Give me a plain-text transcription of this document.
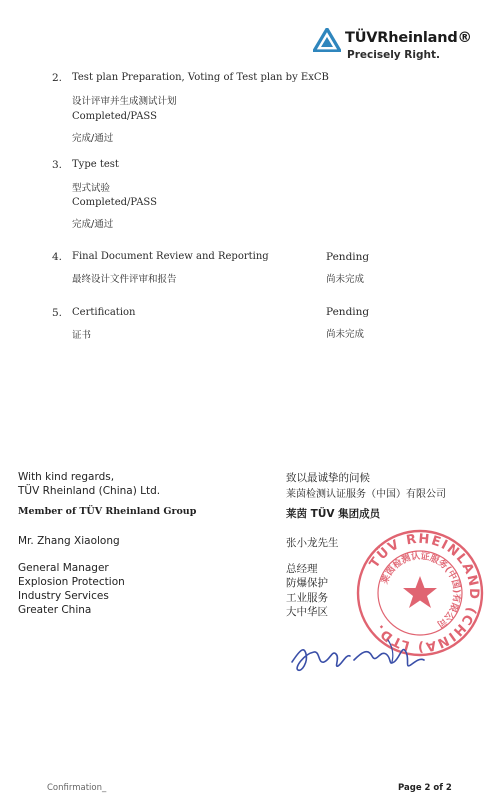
TÜVRheinland®
Precisely Right.
2. Test plan Preparation, Voting of Test plan by ExCB
设计评审并生成测试计划
Completed/PASS
完成/通过
3. Type test
型式试验
Completed/PASS
完成/通过
4. Final Document Review and Reporting	Pending
最终设计文件评审和报告	尚未完成
5. Certification	Pending
证书	尚未完成
With kind regards,
TÜV Rheinland (China) Ltd.
Member of TÜV Rheinland Group
Mr. Zhang Xiaolong
General Manager
Explosion Protection
Industry Services
Greater China
致以最诚挚的问候
莱茵检测认证服务（中国）有限公司
莱茵 TÜV 集团成员
张小龙先生
总经理
防爆保护
工业服务
大中华区
TÜV RHEINLAND (CHINA) LTD.
莱茵检测认证服务(中国)有限公司
Confirmation_	Page 2 of 2
